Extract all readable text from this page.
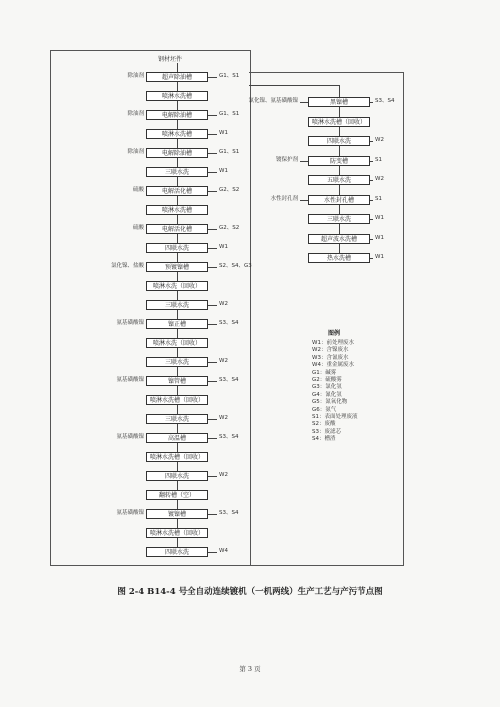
钢材坯件
超声除油槽
除油剂	G1、S1
喷淋水洗槽
电解除油槽
除油剂	G1、S1
喷淋水洗槽	W1
电解除油槽
除油剂	G1、S1
三联水洗	W1
电解活化槽
硫酸	G2、S2
喷淋水洗槽
电解活化槽
硫酸	G2、S2
四联水洗	W1
预镀镍槽
氯化镍、盐酸	S2、S4、G3
喷淋水洗（回收）
三联水洗	W2
镍正槽
氨基磺酸镍	S3、S4
喷淋水洗（回收）
三联水洗	W2
镍管槽
氨基磺酸镍	S3、S4
喷淋水洗槽（回收）
三联水洗	W2
高温槽
氨基磺酸镍	S3、S4
喷淋水洗槽（回收）
四联水洗	W2
翻转槽（空）
镀镍槽
氨基磺酸镍	S3、S4
喷淋水洗槽（回收）
四联水洗	W4
黑镍槽
氯化镍、氨基磺酸镍	S3、S4
喷淋水洗槽（回收）
四联水洗	W2
防变槽
镀保护剂	S1
五联水洗	W2
水性封孔槽
水性封孔剂	S1
三联水洗	W1
超声波水洗槽	W1
热水洗槽	W1
图例
W1：前处理废水
W2：含镍废水
W3：含氰废水
W4：重金属废水
G1：碱雾
G2：硫酸雾
G3：氯化氢
G4：氰化氢
G5：氮氧化物
G6：氨气
S1：表面处理废液
S2：废酸
S3：废滤芯
S4：槽渣
图 2-4 B14-4 号全自动连续镀机（一机两线）生产工艺与产污节点图
第 3 页
